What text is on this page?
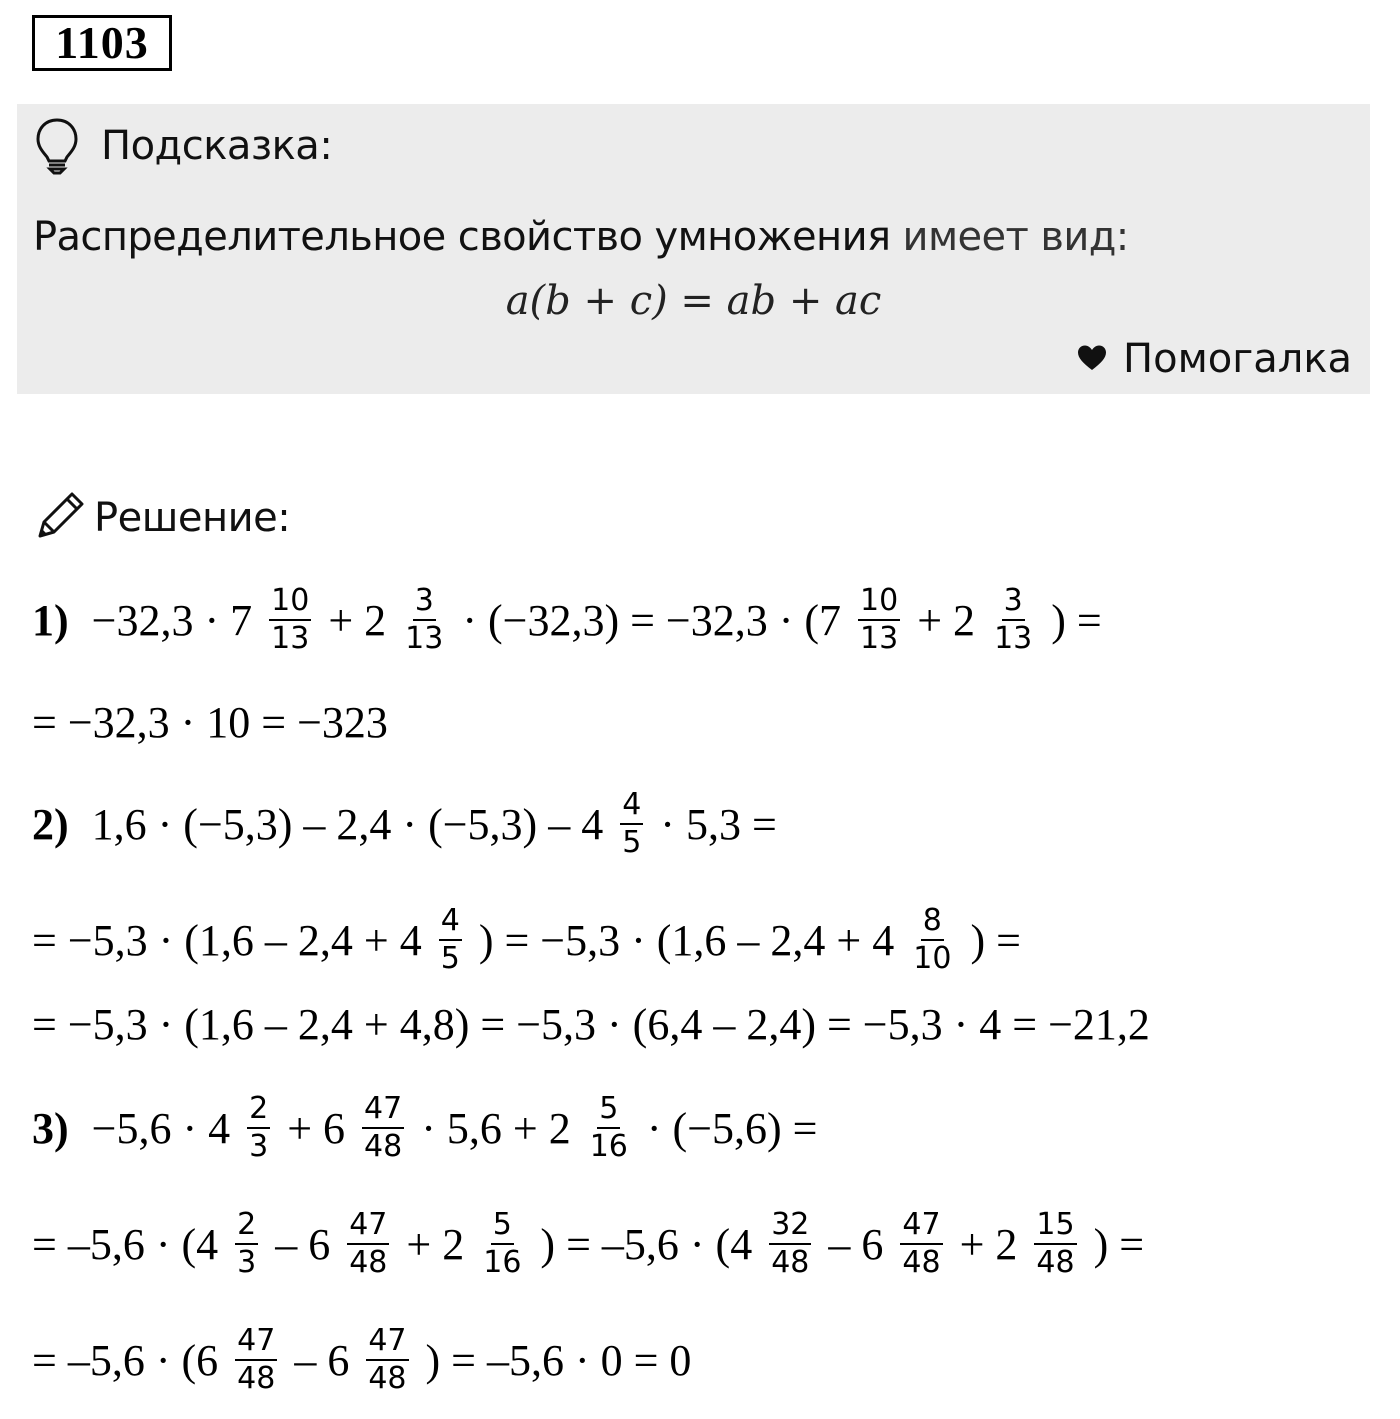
1103
Подсказка:
Распределительное свойство умножения имеет вид:
a(b + c) = ab + ac
Помогалка
Решение:
$1) -32,3 \cdot 7 \frac{10}{13} + 2 \frac{3}{13} \cdot (-32,3) = -32,3 \cdot (7 \frac{10}{13} + 2 \frac{3}{13}$ ) =
= −32,3 · 10 = −323
2) $1,6 \cdot (-5,3) - 2,4 \cdot (-5,3) - 4 \frac{4}{5} \cdot 5,3$ =
= $-5,3 \cdot (1,6 - 2,4 + 4 \frac{4}{5}$ ) = $-5,3 \cdot (1,6 - 2,4 + 4 \frac{8}{10}$ ) =
= −5,3 · (1,6 – 2,4 + 4,8) = −5,3 · (6,4 – 2,4) = −5,3 · 4 = −21,2
$3) -5,6 \cdot 4 \frac{2}{3} + 6 \frac{47}{48} \cdot 5,6 + 2 \frac{5}{16} \cdot (-5,6)$ =
= $-5,6 \cdot (4 \frac{2}{3} - 6 \frac{47}{48} + 2 \frac{5}{16}$ ) = $-5,6 \cdot (4 \frac{32}{48} - 6 \frac{47}{48} + 2 \frac{15}{48}$ ) =
= $-5,6 \cdot (6 \frac{47}{48} - 6 \frac{47}{48}$ ) = –5,6 · 0 = 0
